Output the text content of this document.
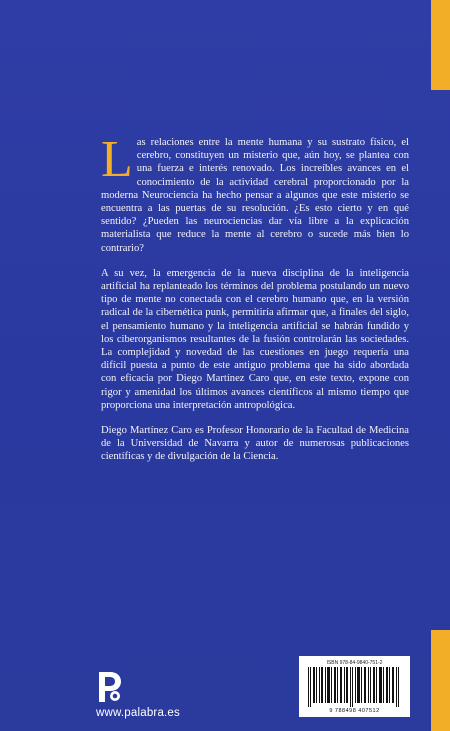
Las relaciones entre la mente humana y su sustrato físico, el cerebro, constituyen un misterio que, aún hoy, se plantea con una fuerza e interés renovado. Los increíbles avances en el conocimiento de la actividad cerebral proporcionado por la moderna Neurociencia ha hecho pensar a algunos que este misterio se encuentra a las puertas de su resolución. ¿Es esto cierto y en qué sentido? ¿Pueden las neurociencias dar vía libre a la explicación materialista que reduce la mente al cerebro o sucede más bien lo contrario?

A su vez, la emergencia de la nueva disciplina de la inteligencia artificial ha replanteado los términos del problema postulando un nuevo tipo de mente no conectada con el cerebro humano que, en la versión radical de la cibernética punk, permitiría afirmar que, a finales del siglo, el pensamiento humano y la inteligencia artificial se habrán fundido y los ciberorganismos resultantes de la fusión controlarán las sociedades. La complejidad y novedad de las cuestiones en juego requería una difícil puesta a punto de este antiguo problema que ha sido abordada con eficacia por Diego Martínez Caro que, en este texto, expone con rigor y amenidad los últimos avances científicos al mismo tiempo que proporciona una interpretación antropológica.

Diego Martínez Caro es Profesor Honorario de la Facultad de Medicina de la Universidad de Navarra y autor de numerosas publicaciones científicas y de divulgación de la Ciencia.

www.palabra.es
ISBN 978-84-9840-751-2
9 788498 407512
